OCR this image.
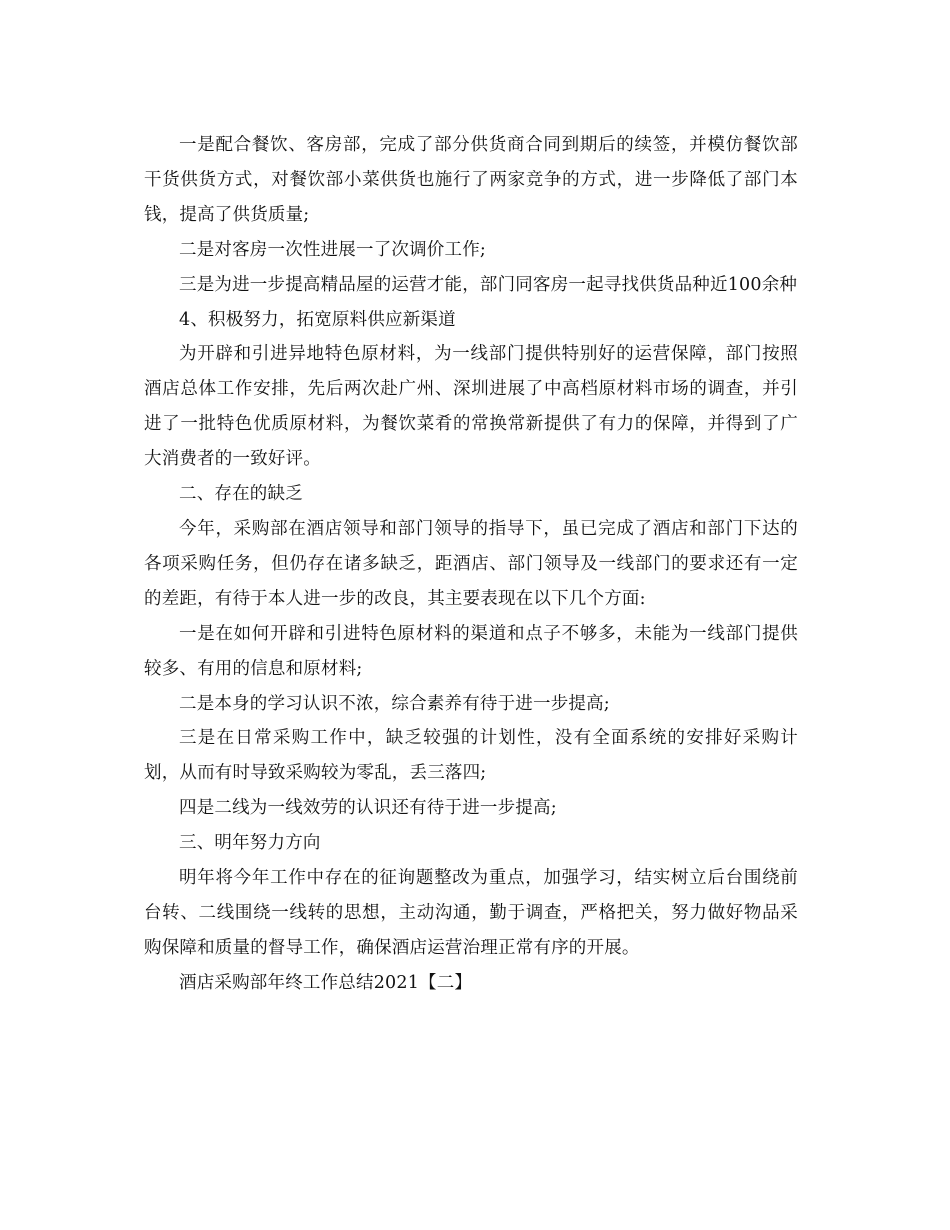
一是配合餐饮、客房部，完成了部分供货商合同到期后的续签，并模仿餐饮部干货供货方式，对餐饮部小菜供货也施行了两家竞争的方式，进一步降低了部门本钱，提高了供货质量;

二是对客房一次性进展一了次调价工作;

三是为进一步提高精品屋的运营才能，部门同客房一起寻找供货品种近100余种

4、积极努力，拓宽原料供应新渠道

为开辟和引进异地特色原材料，为一线部门提供特别好的运营保障，部门按照酒店总体工作安排，先后两次赴广州、深圳进展了中高档原材料市场的调查，并引进了一批特色优质原材料，为餐饮菜肴的常换常新提供了有力的保障，并得到了广大消费者的一致好评。

二、存在的缺乏

今年，采购部在酒店领导和部门领导的指导下，虽已完成了酒店和部门下达的各项采购任务，但仍存在诸多缺乏，距酒店、部门领导及一线部门的要求还有一定的差距，有待于本人进一步的改良，其主要表现在以下几个方面:

一是在如何开辟和引进特色原材料的渠道和点子不够多，未能为一线部门提供较多、有用的信息和原材料;

二是本身的学习认识不浓，综合素养有待于进一步提高;

三是在日常采购工作中，缺乏较强的计划性，没有全面系统的安排好采购计划，从而有时导致采购较为零乱，丢三落四;

四是二线为一线效劳的认识还有待于进一步提高;

三、明年努力方向

明年将今年工作中存在的征询题整改为重点，加强学习，结实树立后台围绕前台转、二线围绕一线转的思想，主动沟通，勤于调查，严格把关，努力做好物品采购保障和质量的督导工作，确保酒店运营治理正常有序的开展。

酒店采购部年终工作总结2021【二】
